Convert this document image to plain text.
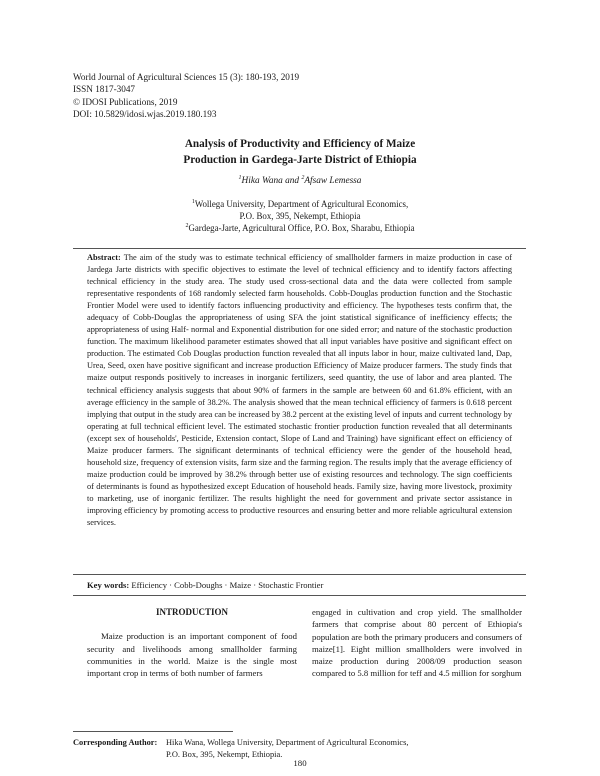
World Journal of Agricultural Sciences 15 (3): 180-193, 2019
ISSN 1817-3047
© IDOSI Publications, 2019
DOI: 10.5829/idosi.wjas.2019.180.193
Analysis of Productivity and Efficiency of Maize
Production in Gardega-Jarte District of Ethiopia
$^1$Hika Wana and $^2$Afsaw Lemessa
$^1$Wollega University, Department of Agricultural Economics,
P.O. Box, 395, Nekempt, Ethiopia
$^2$Gardega-Jarte, Agricultural Office, P.O. Box, Sharabu, Ethiopia
Abstract: The aim of the study was to estimate technical efficiency of smallholder farmers in maize production in case of Jardega Jarte districts with specific objectives to estimate the level of technical efficiency and to identify factors affecting technical efficiency in the study area. The study used cross-sectional data and the data were collected from sample representative respondents of 168 randomly selected farm households. Cobb-Douglas production function and the Stochastic Frontier Model were used to identify factors influencing productivity and efficiency. The hypotheses tests confirm that, the adequacy of Cobb-Douglas the appropriateness of using SFA the joint statistical significance of inefficiency effects; the appropriateness of using Half- normal and Exponential distribution for one sided error; and nature of the stochastic production function. The maximum likelihood parameter estimates showed that all input variables have positive and significant effect on production. The estimated Cob Douglas production function revealed that all inputs labor in hour, maize cultivated land, Dap, Urea, Seed, oxen have positive significant and increase production Efficiency of Maize producer farmers. The study finds that maize output responds positively to increases in inorganic fertilizers, seed quantity, the use of labor and area planted. The technical efficiency analysis suggests that about 90% of farmers in the sample are between 60 and 61.8% efficient, with an average efficiency in the sample of 38.2%. The analysis showed that the mean technical efficiency of farmers is 0.618 percent implying that output in the study area can be increased by 38.2 percent at the existing level of inputs and current technology by operating at full technical efficient level. The estimated stochastic frontier production function revealed that all determinants (except sex of households', Pesticide, Extension contact, Slope of Land and Training) have significant effect on efficiency of Maize producer farmers. The significant determinants of technical efficiency were the gender of the household head, household size, frequency of extension visits, farm size and the farming region. The results imply that the average efficiency of maize production could be improved by 38.2% through better use of existing resources and technology. The sign coefficients of determinants is found as hypothesized except Education of household heads. Family size, having more livestock, proximity to marketing, use of inorganic fertilizer. The results highlight the need for government and private sector assistance in improving efficiency by promoting access to productive resources and ensuring better and more reliable agricultural extension services.
Key words: Efficiency · Cobb-Doughs · Maize · Stochastic Frontier
INTRODUCTION
Maize production is an important component of food security and livelihoods among smallholder farming communities in the world. Maize is the single most important crop in terms of both number of farmers
engaged in cultivation and crop yield. The smallholder farmers that comprise about 80 percent of Ethiopia's population are both the primary producers and consumers of maize[1]. Eight million smallholders were involved in maize production during 2008/09 production season compared to 5.8 million for teff and 4.5 million for sorghum
Corresponding Author: Hika Wana, Wollega University, Department of Agricultural Economics,
P.O. Box, 395, Nekempt, Ethiopia.
180
